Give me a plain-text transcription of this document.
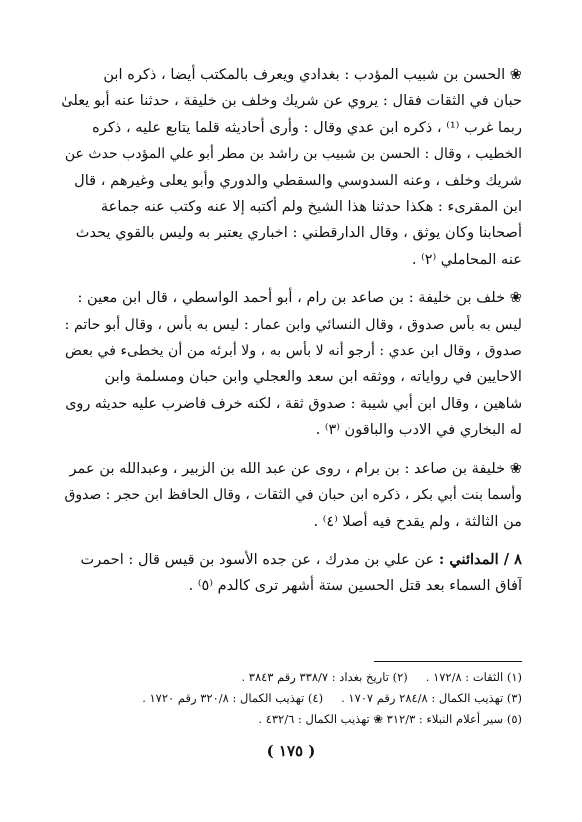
❀ الحسن بن شبيب المؤدب : بغدادي ويعرف بالمكتب أيضا ، ذكره ابن
حبان في الثقات فقال : يروي عن شريك وخلف بن خليفة ، حدثنا عنه أبو يعلىٰ
ربما غرب ⁽¹⁾ ، ذكره ابن عدي وقال : وأرى أحاديثه قلما يتابع عليه ، ذكره
الخطيب ، وقال : الحسن بن شبيب بن راشد بن مطر أبو علي المؤدب حدث عن
شريك وخلف ، وعنه السدوسي والسقطي والدوري وأبو يعلى وغيرهم ، قال
ابن المقرىء : هكذا حدثنا هذا الشيخ ولم أكتبه إلا عنه وكتب عنه جماعة
أصحابنا وكان يوثق ، وقال الدارقطني : اخباري يعتبر به وليس بالقوي يحدث
عنه المحاملي ⁽٢⁾ .
❀ خلف بن خليفة : بن صاعد بن رام ، أبو أحمد الواسطي ، قال ابن معين :
ليس به بأس صدوق ، وقال النسائي وابن عمار : ليس به بأس ، وقال أبو حاتم :
صدوق ، وقال ابن عدي : أرجو أنه لا بأس به ، ولا أبرئه من أن يخطىء في بعض
الاحايين في رواياته ، ووثقه ابن سعد والعجلي وابن حبان ومسلمة وابن
شاهين ، وقال ابن أبي شيبة : صدوق ثقة ، لكنه خرف فاضرب عليه حديثه روى
له البخاري في الادب والباقون ⁽٣⁾ .
❀ خليفة بن صاعد : بن برام ، روى عن عبد الله بن الزبير ، وعبدالله بن عمر
وأسما بنت أبي بكر ، ذكره ابن حبان في الثقات ، وقال الحافظ ابن حجر : صدوق
من الثالثة ، ولم يقدح فيه أصلا ⁽٤⁾ .
٨ / المدائني : عن علي بن مدرك ، عن جده الأسود بن قيس قال : احمرت
آفاق السماء بعد قتل الحسين ستة أشهر ترى كالدم ⁽٥⁾ .
(١) الثقات : ١٧٢/٨ .
(٢) تاريخ بغداد : ٣٣٨/٧ رقم ٣٨٤٣ .
(٣) تهذيب الكمال : ٢٨٤/٨ رقم ١٧٠٧ .
(٤) تهذيب الكمال : ٣٢٠/٨ رقم ١٧٢٠ .
(٥) سير أعلام النبلاء : ٣١٢/٣ ❀ تهذيب الكمال : ٤٣٢/٦ .
( ١٧٥ )
